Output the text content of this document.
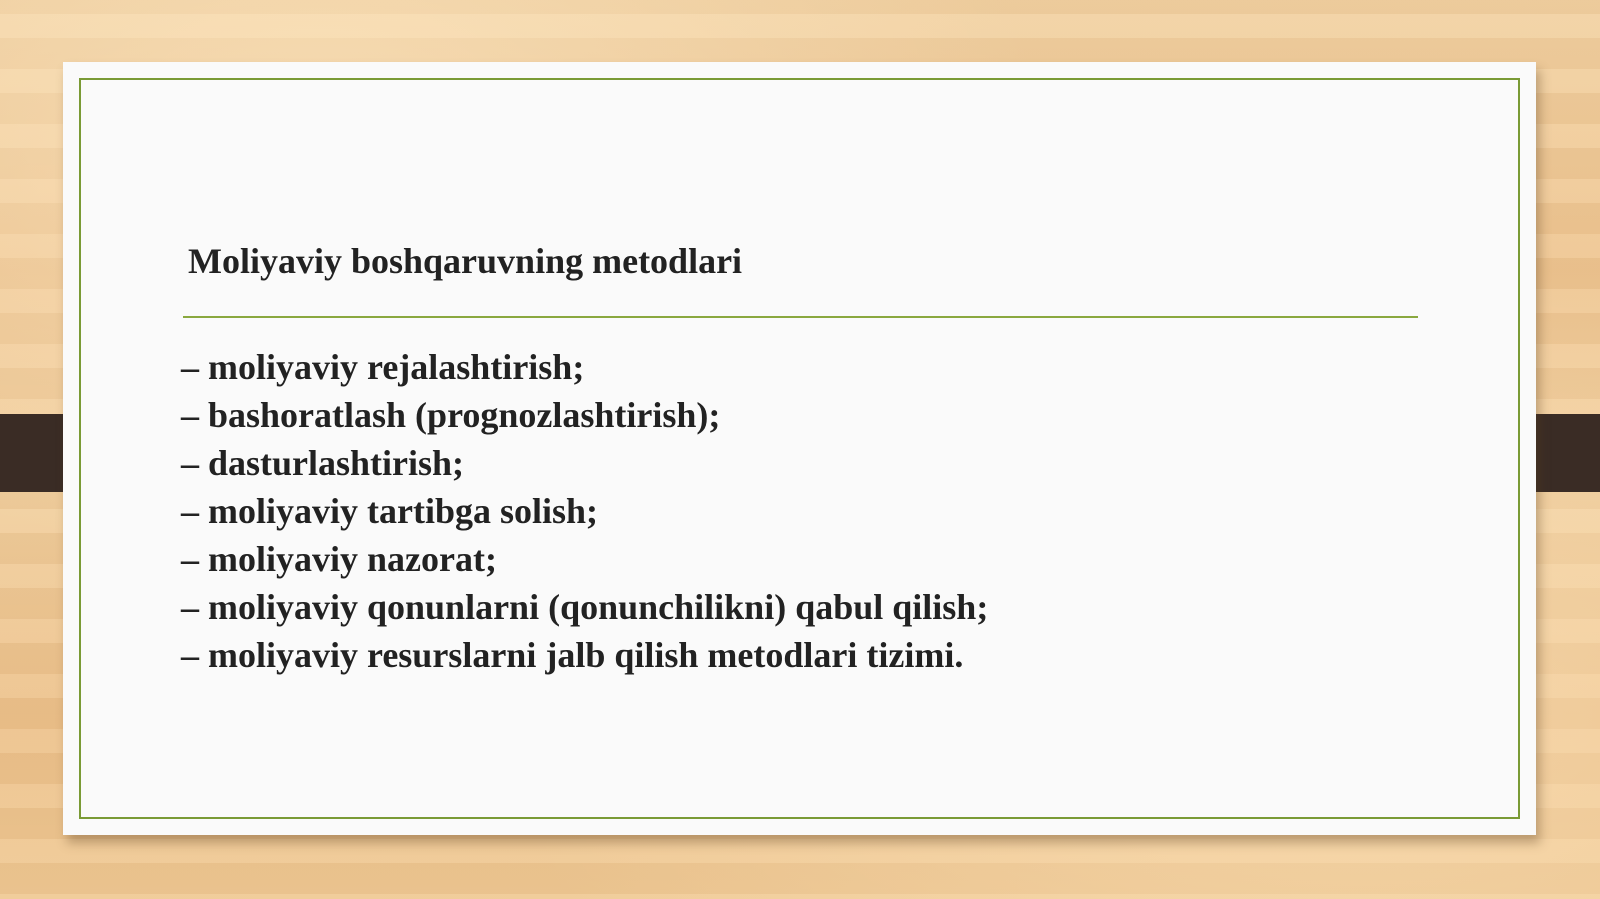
Moliyaviy boshqaruvning metodlari
– moliyaviy rejalashtirish;
– bashoratlash (prognozlashtirish);
– dasturlashtirish;
– moliyaviy tartibga solish;
– moliyaviy nazorat;
– moliyaviy qonunlarni (qonunchilikni) qabul qilish;
– moliyaviy resurslarni jalb qilish metodlari tizimi.
